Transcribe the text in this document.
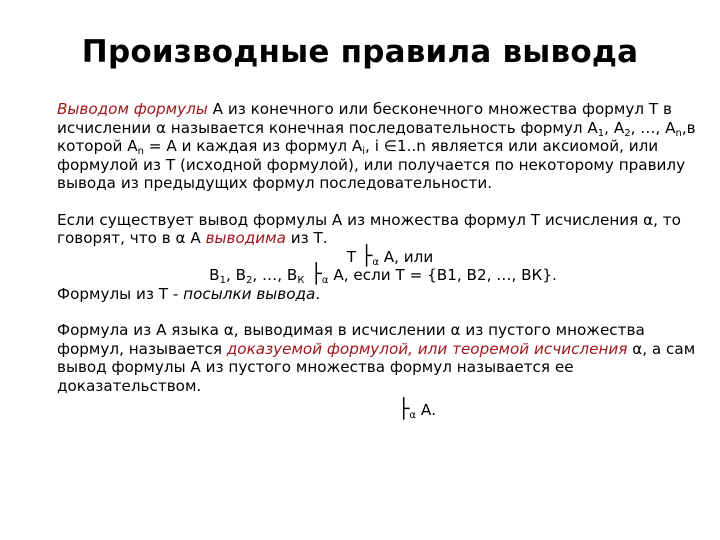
Производные правила вывода

Выводом формулы А из конечного или бесконечного множества формул Т в исчислении α называется конечная последовательность формул $А_1$, $А_2$, …, $А_n,в$ которой $А_n = А$ и каждая из формул $А_i$, i ∈1..n является или аксиомой, или формулой из Т (исходной формулой), или получается по некоторому правилу вывода из предыдущих формул последовательности.

Если существует вывод формулы А из множества формул Т исчисления α, то говорят, что в α А выводима из Т.

Т $├_\alpha$ А, или

$В_1$, $В_2$, …, $В_К$ $├_\alpha$ А, если Т = {В1, В2, …, ВК}.

Формулы из Т - посылки вывода.

Формула из А языка α, выводимая в исчислении α из пустого множества формул, называется доказуемой формулой, или теоремой исчисления α, а сам вывод формулы А из пустого множества формул называется ее доказательством.

$├_\alpha$ А.
